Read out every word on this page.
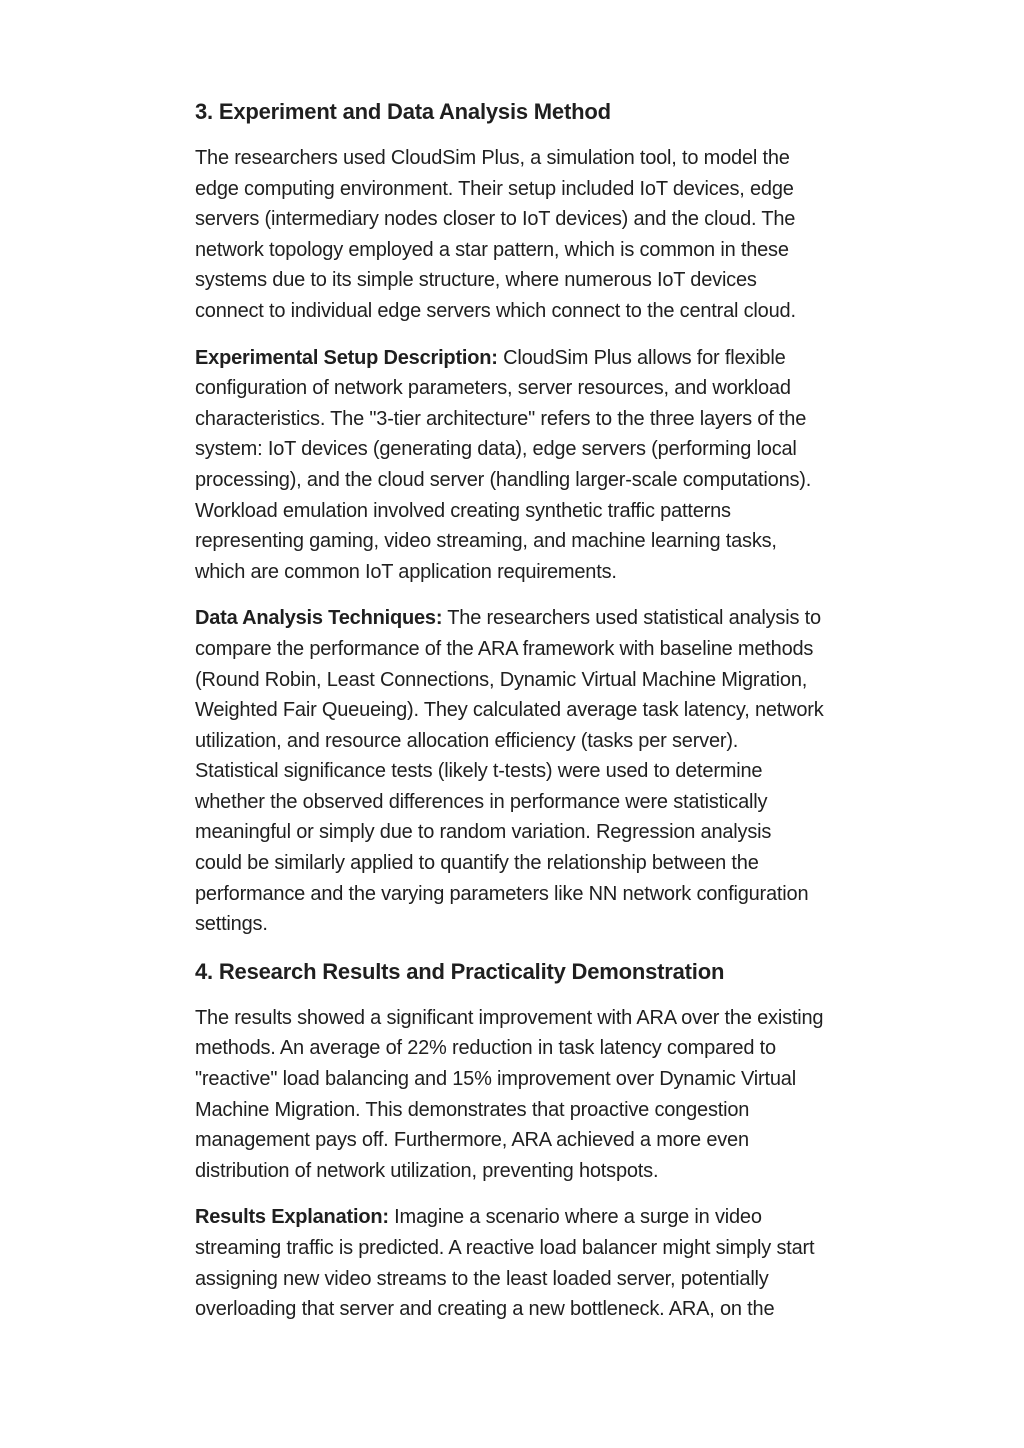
3. Experiment and Data Analysis Method

The researchers used CloudSim Plus, a simulation tool, to model the
edge computing environment. Their setup included IoT devices, edge
servers (intermediary nodes closer to IoT devices) and the cloud. The
network topology employed a star pattern, which is common in these
systems due to its simple structure, where numerous IoT devices
connect to individual edge servers which connect to the central cloud.

Experimental Setup Description: CloudSim Plus allows for flexible
configuration of network parameters, server resources, and workload
characteristics. The "3-tier architecture" refers to the three layers of the
system: IoT devices (generating data), edge servers (performing local
processing), and the cloud server (handling larger-scale computations).
Workload emulation involved creating synthetic traffic patterns
representing gaming, video streaming, and machine learning tasks,
which are common IoT application requirements.

Data Analysis Techniques: The researchers used statistical analysis to
compare the performance of the ARA framework with baseline methods
(Round Robin, Least Connections, Dynamic Virtual Machine Migration,
Weighted Fair Queueing). They calculated average task latency, network
utilization, and resource allocation efficiency (tasks per server).
Statistical significance tests (likely t-tests) were used to determine
whether the observed differences in performance were statistically
meaningful or simply due to random variation. Regression analysis
could be similarly applied to quantify the relationship between the
performance and the varying parameters like NN network configuration
settings.

4. Research Results and Practicality Demonstration

The results showed a significant improvement with ARA over the existing
methods. An average of 22% reduction in task latency compared to
"reactive" load balancing and 15% improvement over Dynamic Virtual
Machine Migration. This demonstrates that proactive congestion
management pays off. Furthermore, ARA achieved a more even
distribution of network utilization, preventing hotspots.

Results Explanation: Imagine a scenario where a surge in video
streaming traffic is predicted. A reactive load balancer might simply start
assigning new video streams to the least loaded server, potentially
overloading that server and creating a new bottleneck. ARA, on the
